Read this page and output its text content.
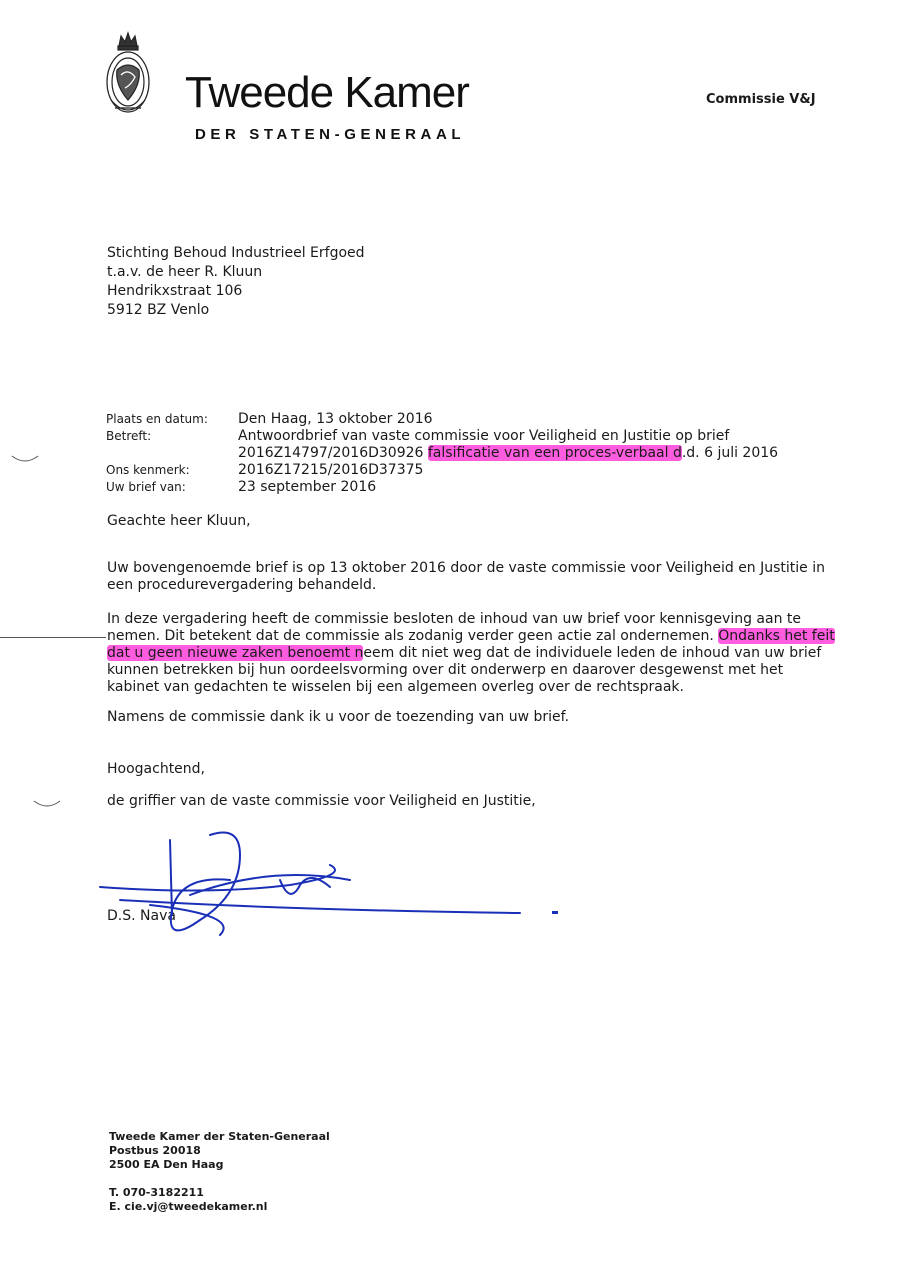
Tweede Kamer
DER STATEN-GENERAAL
Commissie V&J
Stichting Behoud Industrieel Erfgoed
t.a.v. de heer R. Kluun
Hendrikxstraat 106
5912 BZ Venlo
Plaats en datum: Den Haag, 13 oktober 2016
Betreft:	Antwoordbrief van vaste commissie voor Veiligheid en Justitie op brief
2016Z14797/2016D30926 falsificatie van een proces-verbaal d.d. 6 juli 2016
Ons kenmerk:	2016Z17215/2016D37375
Uw brief van:	23 september 2016
Geachte heer Kluun,
Uw bovengenoemde brief is op 13 oktober 2016 door de vaste commissie voor Veiligheid en Justitie in
een procedurevergadering behandeld.
In deze vergadering heeft de commissie besloten de inhoud van uw brief voor kennisgeving aan te
nemen. Dit betekent dat de commissie als zodanig verder geen actie zal ondernemen. Ondanks het feit
dat u geen nieuwe zaken benoemt neem dit niet weg dat de individuele leden de inhoud van uw brief
kunnen betrekken bij hun oordeelsvorming over dit onderwerp en daarover desgewenst met het
kabinet van gedachten te wisselen bij een algemeen overleg over de rechtspraak.
Namens de commissie dank ik u voor de toezending van uw brief.
Hoogachtend,
de griffier van de vaste commissie voor Veiligheid en Justitie,
D.S. Nava
Tweede Kamer der Staten-Generaal
Postbus 20018
2500 EA Den Haag
T. 070-3182211
E. cie.vj@tweedekamer.nl
